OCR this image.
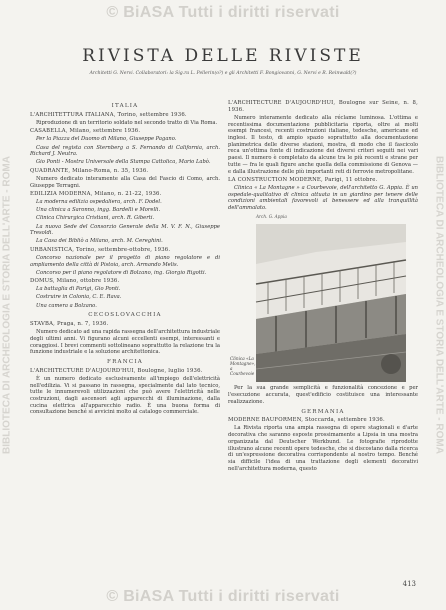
© BiASA Tutti i diritti riservati
© BiASA Tutti i diritti riservati
BIBLIOTECA DI ARCHEOLOGIA E STORIA DELL'ARTE - ROMA	BIBLIOTECA DI ARCHEOLOGIA E STORIA DELL'ARTE - ROMA
RIVISTA DELLE RIVISTE
Architetti G. Nervi. Collaboratori: la Sig.ra L. Pellerin(o?) e gli Architetti F. Bongiovanni, G. Nervi e R. Reinwald(?)
ITALIA

L'ARCHITETTURA ITALIANA, Torino, settembre 1936.

Riproduzione di un territorio soldato nel secondo tratto di Via Roma.

CASABELLA, Milano, settembre 1936.

Per la Piazza del Duomo di Milano, Giuseppe Pagano.

Casa del regista con Sternberg a S. Fernando di California, arch. Richard J. Neutra.

Gio Ponti - Mostra Universale della Stampa Cattolica, Mario Labò.

QUADRANTE, Milano-Roma, n. 35, 1936.

Numero dedicato interamente alla Casa del Fascio di Como, arch. Giuseppe Terragni.

EDILIZIA MODERNA, Milano, n. 21-22, 1936.

La moderna edilizia ospedaliera, arch. F. Dodel.

Una clinica a Saronno, ingg. Bardelli e Morelli.

Clinica Chirurgica Cristiani, arch. R. Giberti.

La nuova Sede del Consorzio Generale della M. V. F. N., Giuseppe Tresoldi.

La Casa dei Bibliò a Milano, arch. M. Cereghini.

URBANISTICA, Torino, settembre-ottobre, 1936.

Concorso nazionale per il progetto di piano regolatore e di ampliamento della città di Pistoia, arch. Armando Melis.

Concorso per il piano regolatore di Bolzano, ing. Giorgio Rigotti.

DOMUS, Milano, ottobre 1936.

La battaglia di Parigi, Gio Ponti.

Costruire in Colonia, C. E. Rava.

Una camera a Bolzano.

CECOSLOVACCHIA

STAVBA, Praga, n. 7, 1936.

Numero dedicato ad una rapida rassegna dell'architettura industriale degli ultimi anni. Vi figurano alcuni eccellenti esempi, interessanti e coraggiosi. I brevi commenti sottolineano soprattutto la relazione tra la funzione industriale e la soluzione architettonica.

FRANCIA

L'ARCHITECTURE D'AUJOURD'HUI, Boulogne, luglio 1936.

È un numero dedicato esclusivamente all'impiego dell'elettricità nell'edilizia. Vi si passano in rassegna, specialmente dal lato tecnico, tutte le innumerevoli utilizzazioni che può avere l'elettricità nelle costruzioni, dagli ascensori agli apparecchi di illuminazione, dalla cucina elettrica all'apparecchio radio. È una buona forma di consultazione benché si avvicini molto al catalogo commerciale.

L'ARCHITECTURE D'AUJOURD'HUI, Boulogne sur Seine, n. 8, 1936.

Numero interamente dedicato alla réclame luminosa. L'ottima e recentissima documentazione pubblicitaria riporta, oltre ai molti esempi francesi, recenti costruzioni italiane, tedesche, americane ed inglesi. Il testo, di ampio spazio soprattutto alla documentazione planimetrica delle diverse stazioni, mostra, di modo che il fascicolo reca un'ottima fonte di indicazione dei diversi criteri seguiti nei vari paesi. Il numero è completato da alcune tra le più recenti e strane per tutte — fra le quali figure anche quella della commissione di Genova — e dalla illustrazione delle più importanti reti di ferrovie metropolitane.

LA CONSTRUCTION MODERNE, Parigi, 11 ottobre.

Clinica « La Montagne » a Courbevoie, dell'architetto G. Appia. È un ospedale-qualitativo di clinica attuata in un giardino per tenere delle condizioni ambientali favorevoli al benessere ed alla tranquillità dell'ammalato.

Arch. G. Appia
Clinica «La Montagne», a Courbevoie

Per la sua grande semplicità e funzionalità concezione e per l'esecuzione accurata, quest'edificio costituisce una interessante realizzazione.

GERMANIA

MODERNE BAUFORMEN, Stoccarda, settembre 1936.

La Rivista riporta una ampia rassegna di opere stagionali e d'arte decorativa che saranno esposte prossimamente a Lipsia in una mostra organizzata dal Deutscher Werkbund. Le fotografie riprodotte illustrano alcune recenti opere tedesche, che si discostano dalla ricerca di un'espressione decorativa corrispondente al nostro tempo. Benché sia difficile l'idea di una trattazione degli elementi decorativi nell'architettura moderna, questo

413
